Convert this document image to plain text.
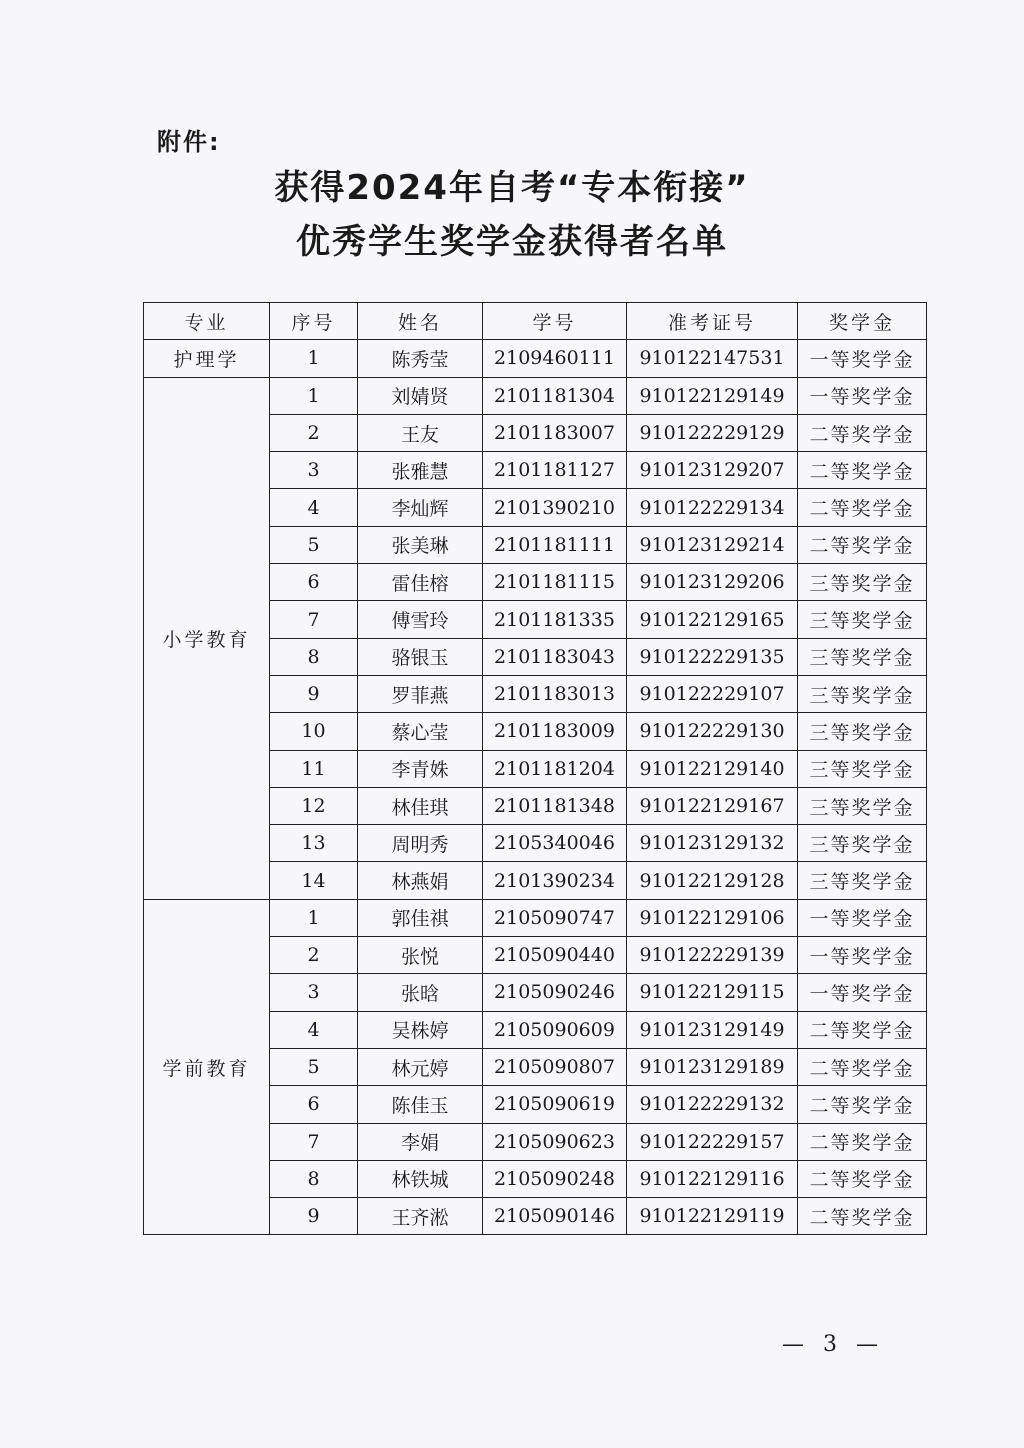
附件:
获得2024年自考“专本衔接”
优秀学生奖学金获得者名单
专业	序号	姓名	学号	准考证号	奖学金
护理学	1	陈秀莹	2109460111	910122147531	一等奖学金
小学教育	1	刘婧贤	2101181304	910122129149	一等奖学金
	2	王友	2101183007	910122229129	二等奖学金
	3	张雅慧	2101181127	910123129207	二等奖学金
	4	李灿辉	2101390210	910122229134	二等奖学金
	5	张美琳	2101181111	910123129214	二等奖学金
	6	雷佳榕	2101181115	910123129206	三等奖学金
	7	傅雪玲	2101181335	910122129165	三等奖学金
	8	骆银玉	2101183043	910122229135	三等奖学金
	9	罗菲燕	2101183013	910122229107	三等奖学金
	10	蔡心莹	2101183009	910122229130	三等奖学金
	11	李青姝	2101181204	910122129140	三等奖学金
	12	林佳琪	2101181348	910122129167	三等奖学金
	13	周明秀	2105340046	910123129132	三等奖学金
	14	林燕娟	2101390234	910122129128	三等奖学金
学前教育	1	郭佳祺	2105090747	910122129106	一等奖学金
	2	张悦	2105090440	910122229139	一等奖学金
	3	张晗	2105090246	910122129115	一等奖学金
	4	吴株婷	2105090609	910123129149	二等奖学金
	5	林元婷	2105090807	910123129189	二等奖学金
	6	陈佳玉	2105090619	910122229132	二等奖学金
	7	李娟	2105090623	910122229157	二等奖学金
	8	林铁城	2105090248	910122129116	二等奖学金
	9	王齐淞	2105090146	910122129119	二等奖学金
— 3 —
